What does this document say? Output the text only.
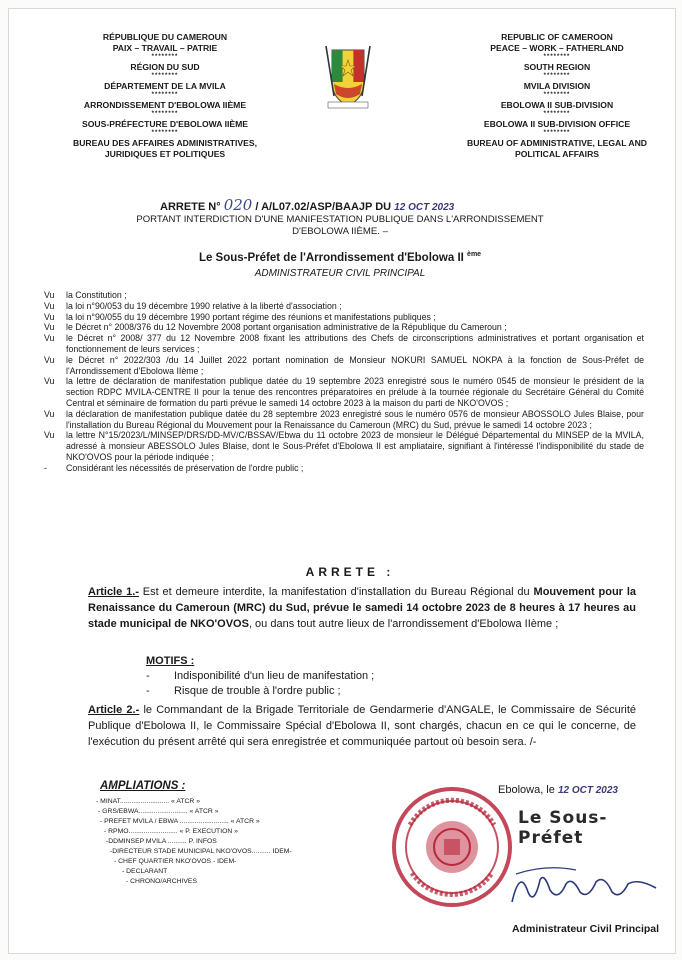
RÉPUBLIQUE DU CAMEROUN
PAIX – TRAVAIL – PATRIE
********
RÉGION DU SUD
********
DÉPARTEMENT DE LA MVILA
********
ARRONDISSEMENT D'EBOLOWA IIÈME
********
SOUS-PRÉFECTURE D'EBOLOWA IIÈME
********
BUREAU DES AFFAIRES ADMINISTRATIVES,
JURIDIQUES ET POLITIQUES
REPUBLIC OF CAMEROON
PEACE – WORK – FATHERLAND
********
SOUTH REGION
********
MVILA DIVISION
********
EBOLOWA II SUB-DIVISION
********
EBOLOWA II SUB-DIVISION OFFICE
********
BUREAU OF ADMINISTRATIVE, LEGAL AND
POLITICAL AFFAIRS
ARRETE N° 020 / A/L07.02/ASP/BAAJP DU 12 OCT 2023
PORTANT INTERDICTION D'UNE MANIFESTATION PUBLIQUE DANS L'ARRONDISSEMENT D'EBOLOWA IIÈME. –
Le Sous-Préfet de l'Arrondissement d'Ebolowa II $^{ème}$
ADMINISTRATEUR CIVIL PRINCIPAL
Vu	la Constitution ;
Vu	la loi n°90/053 du 19 décembre 1990 relative à la liberté d'association ;
Vu	la loi n°90/055 du 19 décembre 1990 portant régime des réunions et manifestations publiques ;
Vu	le Décret n° 2008/376 du 12 Novembre 2008 portant organisation administrative de la République du Cameroun ;
Vu	le Décret n° 2008/ 377 du 12 Novembre 2008 fixant les attributions des Chefs de circonscriptions administratives et portant organisation et fonctionnement de leurs services ;
Vu	le Décret n° 2022/303 /du 14 Juillet 2022 portant nomination de Monsieur NOKURI SAMUEL NOKPA à la fonction de Sous-Préfet de l'Arrondissement d'Ebolowa IIème ;
Vu	la lettre de déclaration de manifestation publique datée du 19 septembre 2023 enregistré sous le numéro 0545 de monsieur le président de la section RDPC MVILA-CENTRE II pour la tenue des rencontres préparatoires en prélude à la tournée régionale du Secrétaire Général du Comité Central et séminaire de formation du parti prévue le samedi 14 octobre 2023 à la maison du parti de NKO'OVOS ;
Vu	la déclaration de manifestation publique datée du 28 septembre 2023 enregistré sous le numéro 0576 de monsieur ABOSSOLO Jules Blaise, pour l'installation du Bureau Régional du Mouvement pour la Renaissance du Cameroun (MRC) du Sud, prévue le samedi 14 octobre 2023 ;
Vu	la lettre N°15/2023/L/MINSEP/DRS/DD-MV/C/BSSAV/Ebwa du 11 octobre 2023 de monsieur le Délégué Départemental du MINSEP de la MVILA, adressé à monsieur ABESSOLO Jules Blaise, dont le Sous-Préfet d'Ebolowa II est ampliataire, signifiant à l'intéressé l'indisponibilité du stade de NKO'OVOS pour la période indiquée ;
-	Considérant les nécessités de préservation de l'ordre public ;
ARRETE :
Article 1.- Est et demeure interdite, la manifestation d'installation du Bureau Régional du Mouvement pour la Renaissance du Cameroun (MRC) du Sud, prévue le samedi 14 octobre 2023 de 8 heures à 17 heures au stade municipal de NKO'OVOS, ou dans tout autre lieux de l'arrondissement d'Ebolowa IIème ;
MOTIFS :
-	Indisponibilité d'un lieu de manifestation ;
-	Risque de trouble à l'ordre public ;
Article 2.- le Commandant de la Brigade Territoriale de Gendarmerie d'ANGALE, le Commissaire de Sécurité Publique d'Ebolowa II, le Commissaire Spécial d'Ebolowa II, sont chargés, chacun en ce qui le concerne, de l'exécution du présent arrêté qui sera enregistrée et communiquée partout où besoin sera. /-
AMPLIATIONS :
- MINAT.......................... « ATCR »
- GRS/EBWA.......................... « ATCR »
- PREFET MVILA / EBWA .......................... « ATCR »
- RPMO.......................... « P. EXECUTION »
-DDMINSEP MVILA .......... P. INFOS
-DIRECTEUR STADE MUNICIPAL NKO'OVOS.......... IDEM-
- CHEF QUARTIER NKO'OVOS - IDEM-
- DECLARANT
- CHRONO/ARCHIVES
Ebolowa, le 12 OCT 2023
Le Sous-Préfet
Administrateur Civil Principal
